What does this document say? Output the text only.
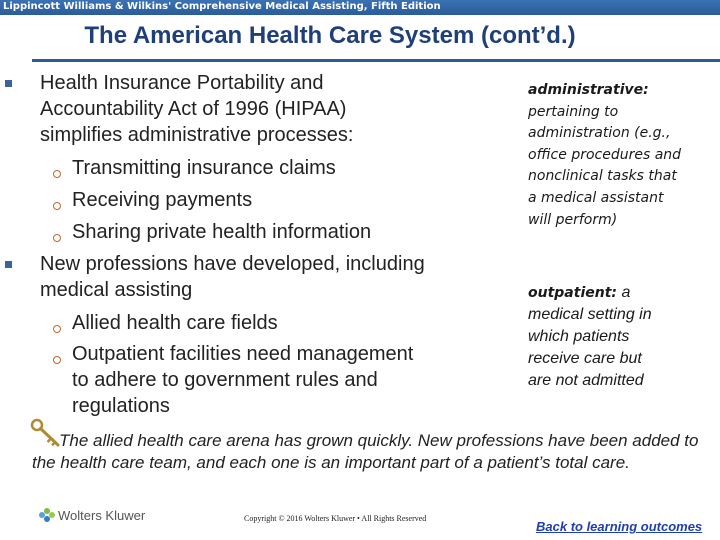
Lippincott Williams & Wilkins' Comprehensive Medical Assisting, Fifth Edition
The American Health Care System (cont’d.)
Health Insurance Portability and
Accountability Act of 1996 (HIPAA)
simplifies administrative processes:
Transmitting insurance claims
Receiving payments
Sharing private health information
New professions have developed, including
medical assisting
Allied health care fields
Outpatient facilities need management
to adhere to government rules and
regulations
administrative:
pertaining to
administration (e.g.,
office procedures and
nonclinical tasks that
a medical assistant
will perform)
outpatient: a
medical setting in
which patients
receive care but
are not admitted
The allied health care arena has grown quickly. New professions have been added to the health care team, and each one is an important part of a patient’s total care.
Wolters Kluwer	Copyright © 2016 Wolters Kluwer • All Rights Reserved
Back to learning outcomes
